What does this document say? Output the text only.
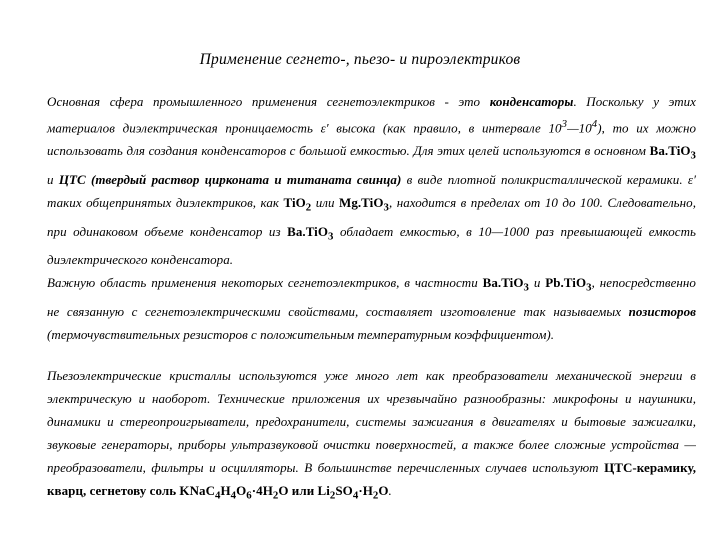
Применение сегнето-, пьезо- и пироэлектриков

Основная сфера промышленного применения сегнетоэлектриков - это конденсаторы. Поскольку у этих материалов диэлектрическая проницаемость ε′ высока (как правило, в интервале $10^3—10^4$), то их можно использовать для создания конденсаторов с большой емкостью. Для этих целей используются в основном Ba.TiO$_3$ и ЦТС (твердый раствор цирконата и титаната свинца) в виде плотной поликристаллической керамики. ε′ таких общепринятых диэлектриков, как TiO$_2$ или Mg.TiO$_3$, находится в пределах от 10 до 100. Следовательно, при одинаковом объеме конденсатор из Ba.TiO$_3$ обладает емкостью, в 10—1000 раз превышающей емкость диэлектрического конденсатора.

Важную область применения некоторых сегнетоэлектриков, в частности Ba.TiO$_3$ и Pb.TiO$_3$, непосредственно не связанную с сегнетоэлектрическими свойствами, составляет изготовление так называемых позисторов (термочувствительных резисторов с положительным температурным коэффициентом).

Пьезоэлектрические кристаллы используются уже много лет как преобразователи механической энергии в электрическую и наоборот. Технические приложения их чрезвычайно разнообразны: микрофоны и наушники, динамики и стереопроигрыватели, предохранители, системы зажигания в двигателях и бытовые зажигалки, звуковые генераторы, приборы ультразвуковой очистки поверхностей, а также более сложные устройства — преобразователи, фильтры и осцилляторы. В большинстве перечисленных случаев используют ЦТС-керамику, кварц, сегнетову соль $KNaC_4H_4O_6\cdot 4H_2O$ или $Li_2SO_4\cdot H_2O$.
